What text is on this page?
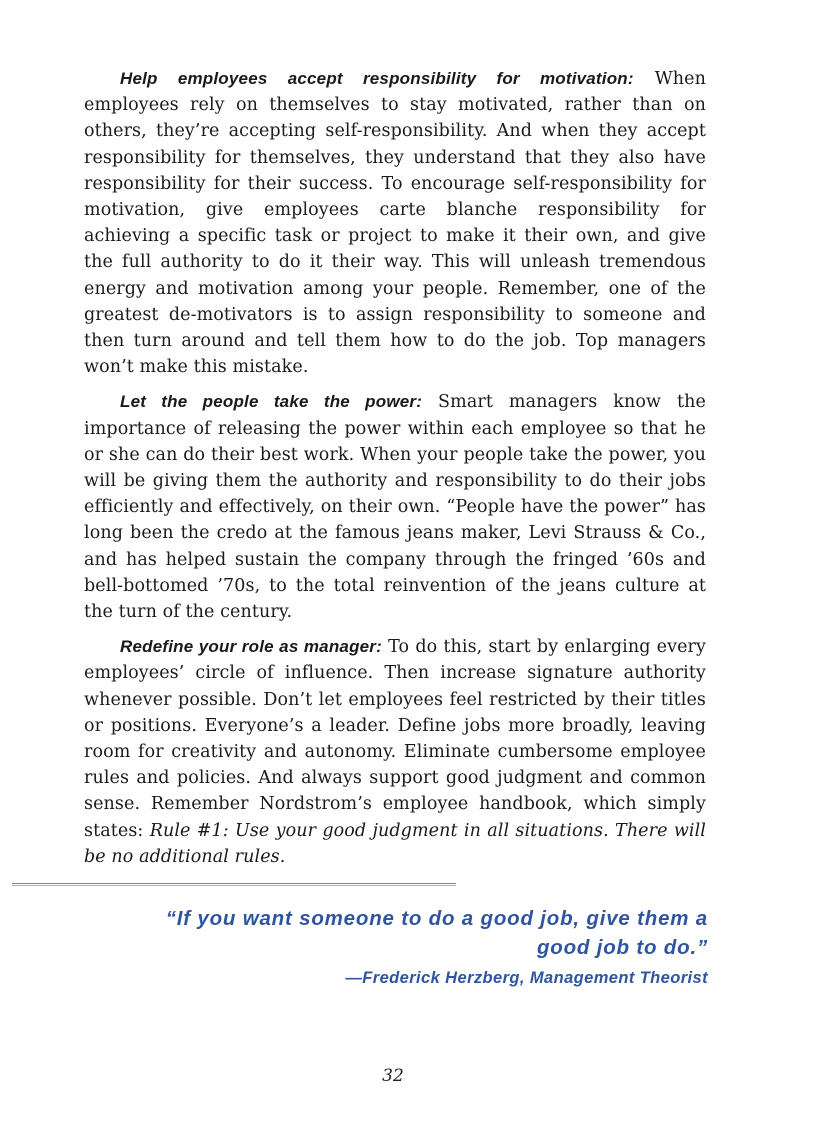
Help employees accept responsibility for motivation: When employees rely on themselves to stay motivated, rather than on others, they’re accepting self-responsibility. And when they accept responsibility for themselves, they understand that they also have responsibility for their success. To encourage self-responsibility for motivation, give employees carte blanche responsibility for achieving a specific task or project to make it their own, and give the full authority to do it their way. This will unleash tremendous energy and motivation among your people. Remember, one of the greatest de-motivators is to assign responsibility to someone and then turn around and tell them how to do the job. Top managers won’t make this mistake.

Let the people take the power: Smart managers know the importance of releasing the power within each employee so that he or she can do their best work. When your people take the power, you will be giving them the authority and responsibility to do their jobs efficiently and effectively, on their own. “People have the power” has long been the credo at the famous jeans maker, Levi Strauss & Co., and has helped sustain the company through the fringed ’60s and bell-bottomed ’70s, to the total reinvention of the jeans culture at the turn of the century.

Redefine your role as manager: To do this, start by enlarging every employees’ circle of influence. Then increase signature authority whenever possible. Don’t let employees feel restricted by their titles or positions. Everyone’s a leader. Define jobs more broadly, leaving room for creativity and autonomy. Eliminate cumbersome employee rules and policies. And always support good judgment and common sense. Remember Nordstrom’s employee handbook, which simply states: Rule #1: Use your good judgment in all situations. There will be no additional rules.

“If you want someone to do a good job, give them a
good job to do.”

—Frederick Herzberg, Management Theorist

32
